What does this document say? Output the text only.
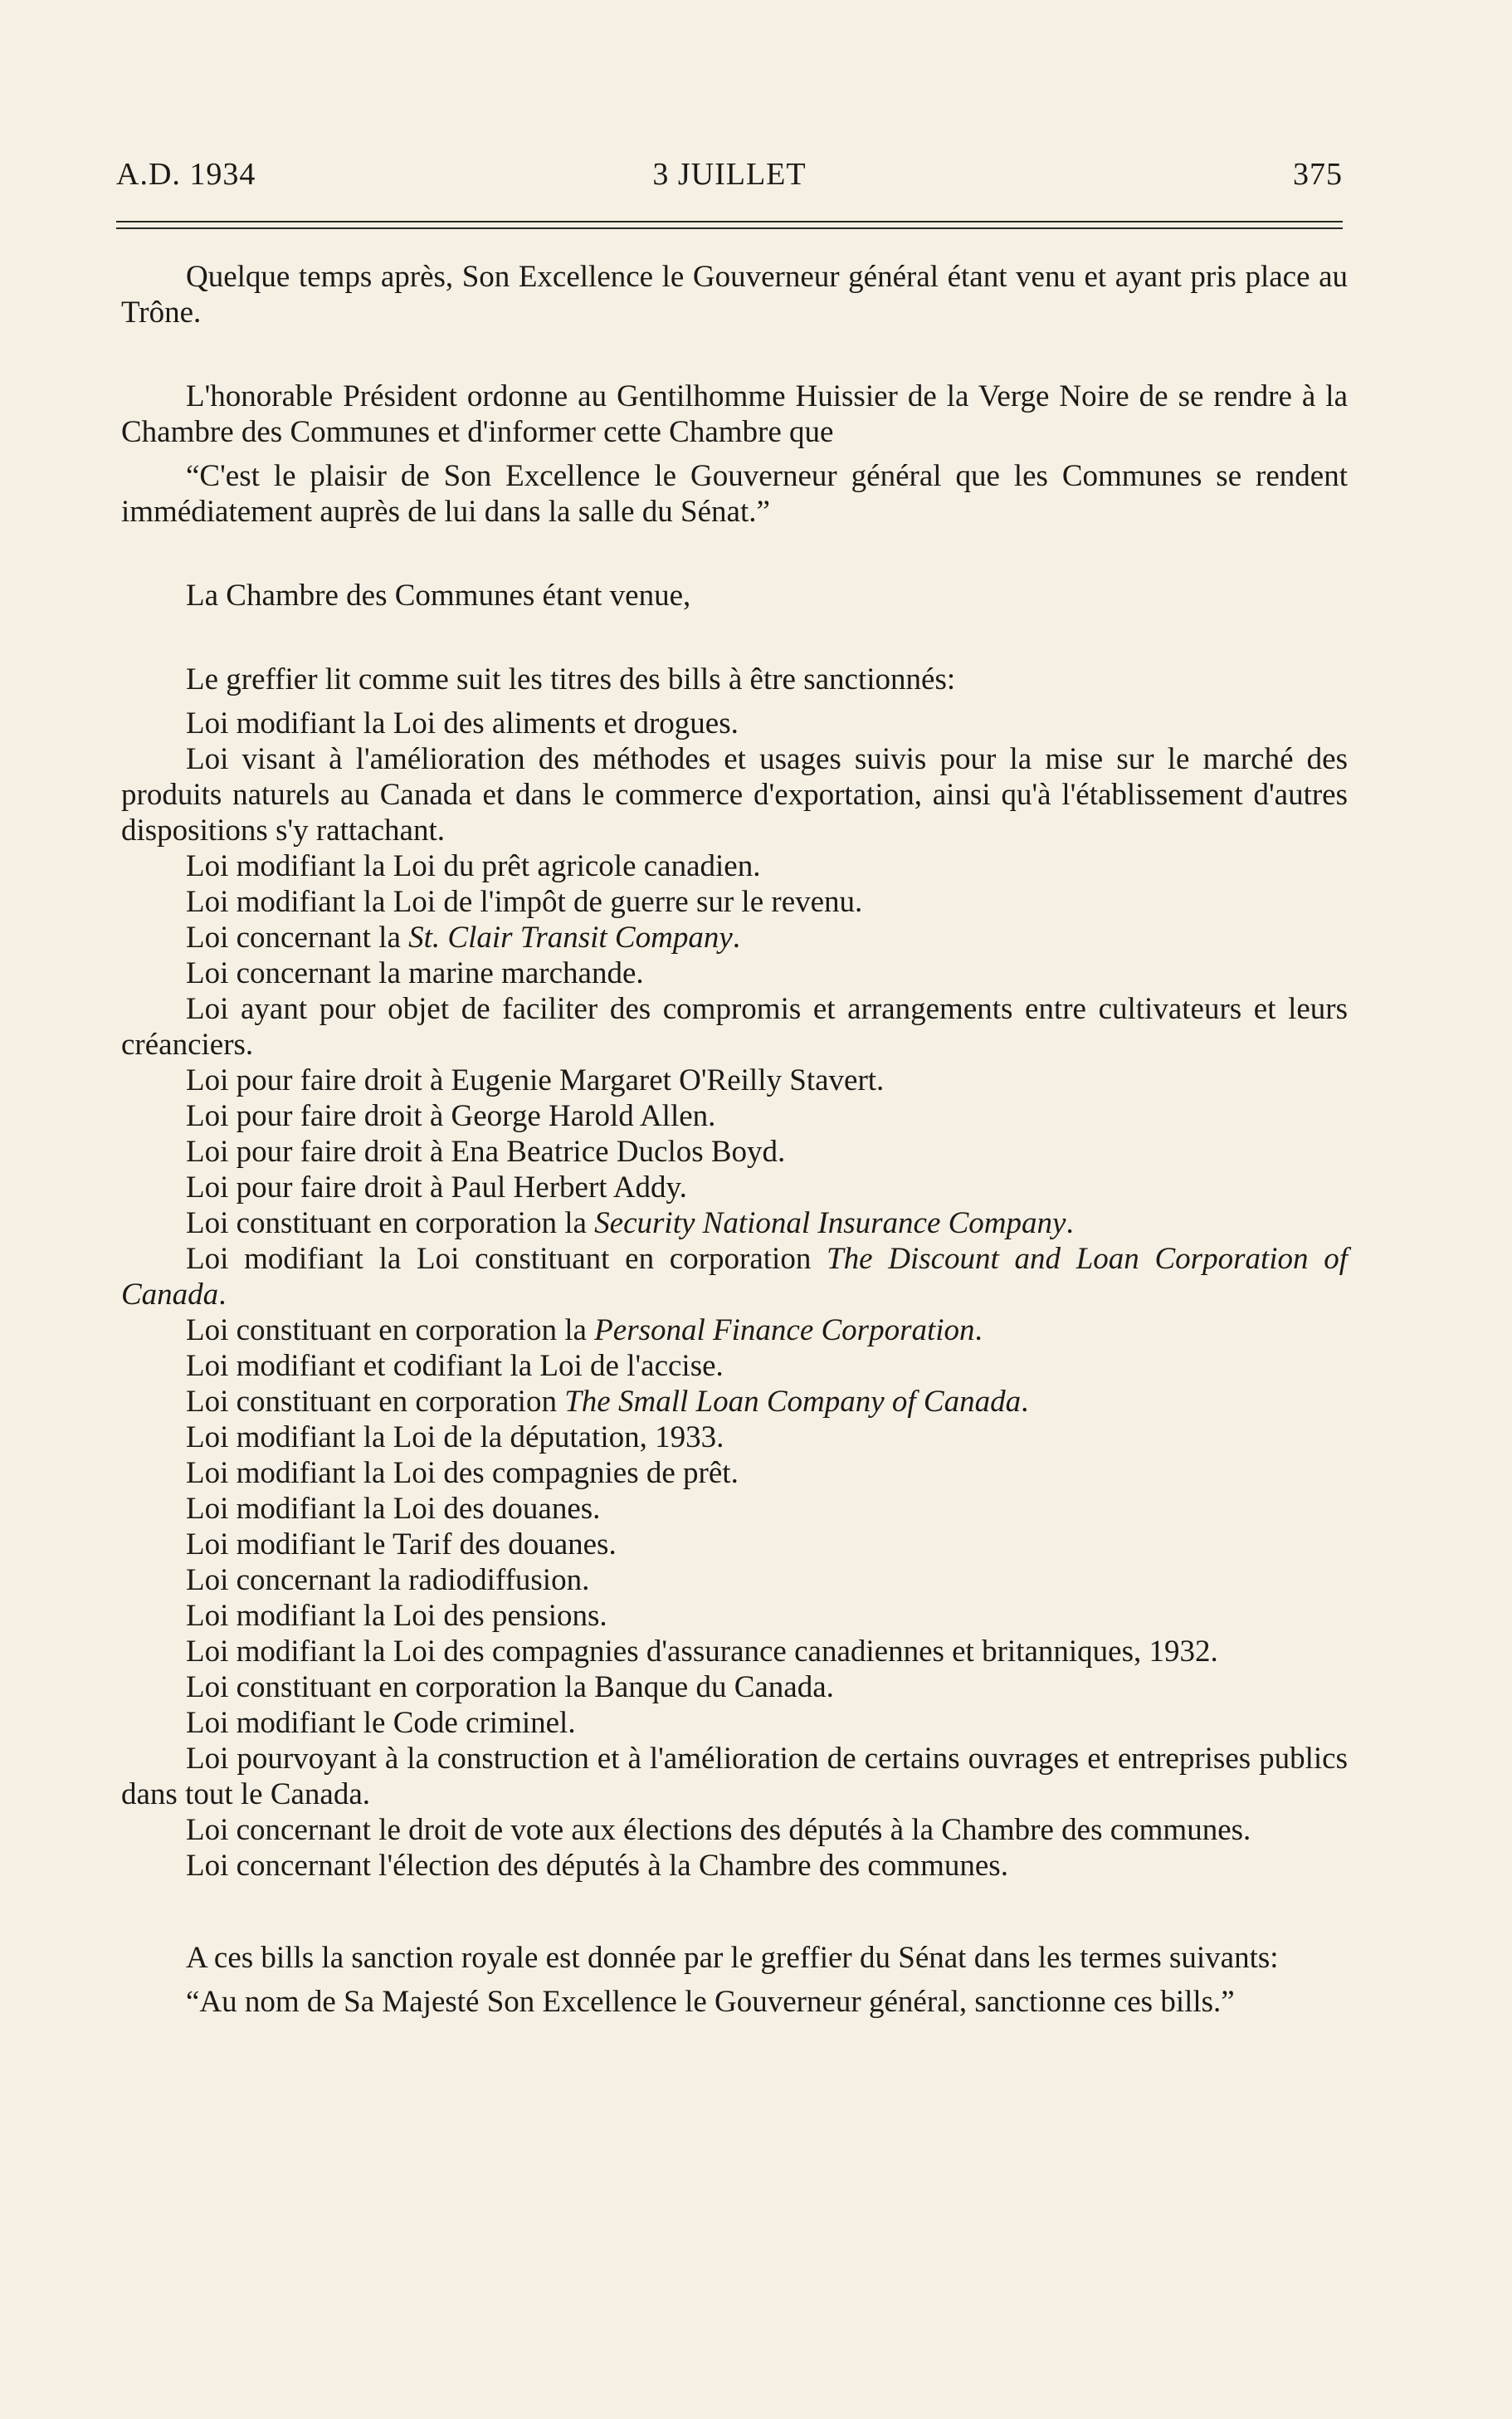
A.D. 1934	3 JUILLET	375

Quelque temps après, Son Excellence le Gouverneur général étant venu et ayant pris place au Trône.

L'honorable Président ordonne au Gentilhomme Huissier de la Verge Noire de se rendre à la Chambre des Communes et d'informer cette Chambre que

“C'est le plaisir de Son Excellence le Gouverneur général que les Communes se rendent immédiatement auprès de lui dans la salle du Sénat.”

La Chambre des Communes étant venue,

Le greffier lit comme suit les titres des bills à être sanctionnés:

Loi modifiant la Loi des aliments et drogues.

Loi visant à l'amélioration des méthodes et usages suivis pour la mise sur le marché des produits naturels au Canada et dans le commerce d'exportation, ainsi qu'à l'établissement d'autres dispositions s'y rattachant.

Loi modifiant la Loi du prêt agricole canadien.

Loi modifiant la Loi de l'impôt de guerre sur le revenu.

Loi concernant la St. Clair Transit Company.

Loi concernant la marine marchande.

Loi ayant pour objet de faciliter des compromis et arrangements entre cultivateurs et leurs créanciers.

Loi pour faire droit à Eugenie Margaret O'Reilly Stavert.

Loi pour faire droit à George Harold Allen.

Loi pour faire droit à Ena Beatrice Duclos Boyd.

Loi pour faire droit à Paul Herbert Addy.

Loi constituant en corporation la Security National Insurance Company.

Loi modifiant la Loi constituant en corporation The Discount and Loan Corporation of Canada.

Loi constituant en corporation la Personal Finance Corporation.

Loi modifiant et codifiant la Loi de l'accise.

Loi constituant en corporation The Small Loan Company of Canada.

Loi modifiant la Loi de la députation, 1933.

Loi modifiant la Loi des compagnies de prêt.

Loi modifiant la Loi des douanes.

Loi modifiant le Tarif des douanes.

Loi concernant la radiodiffusion.

Loi modifiant la Loi des pensions.

Loi modifiant la Loi des compagnies d'assurance canadiennes et britanniques, 1932.

Loi constituant en corporation la Banque du Canada.

Loi modifiant le Code criminel.

Loi pourvoyant à la construction et à l'amélioration de certains ouvrages et entreprises publics dans tout le Canada.

Loi concernant le droit de vote aux élections des députés à la Chambre des communes.

Loi concernant l'élection des députés à la Chambre des communes.

A ces bills la sanction royale est donnée par le greffier du Sénat dans les termes suivants:

“Au nom de Sa Majesté Son Excellence le Gouverneur général, sanctionne ces bills.”
